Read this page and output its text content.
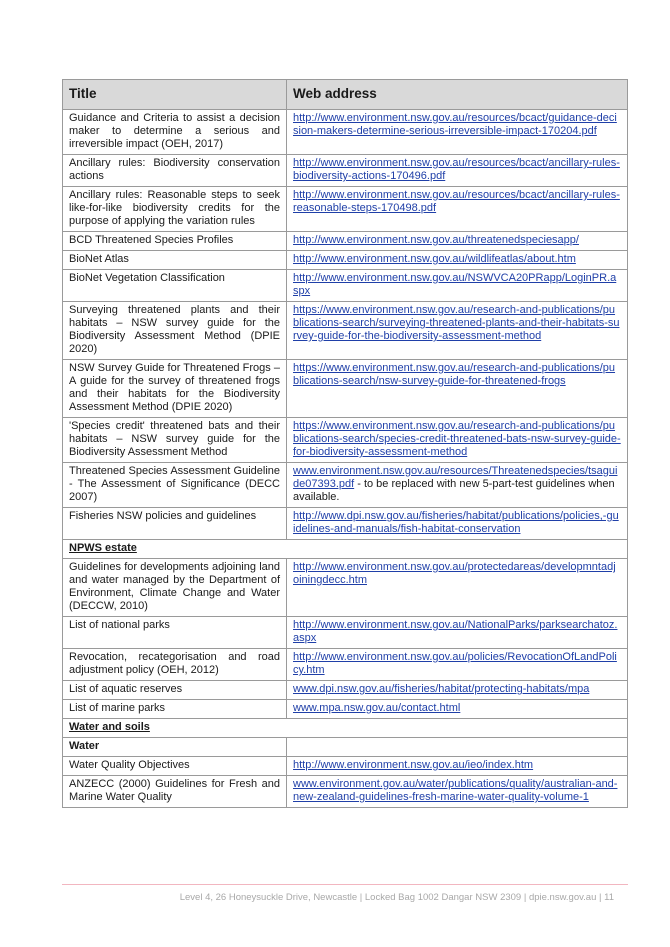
Title	Web address
Guidance and Criteria to assist a decision maker to determine a serious and irreversible impact (OEH, 2017)	http://www.environment.nsw.gov.au/resources/bcact/guidance-decision-makers-determine-serious-irreversible-impact-170204.pdf
Ancillary rules: Biodiversity conservation actions	http://www.environment.nsw.gov.au/resources/bcact/ancillary-rules-biodiversity-actions-170496.pdf
Ancillary rules: Reasonable steps to seek like-for-like biodiversity credits for the purpose of applying the variation rules	http://www.environment.nsw.gov.au/resources/bcact/ancillary-rules-reasonable-steps-170498.pdf
BCD Threatened Species Profiles	http://www.environment.nsw.gov.au/threatenedspeciesapp/
BioNet Atlas	http://www.environment.nsw.gov.au/wildlifeatlas/about.htm
BioNet Vegetation Classification	http://www.environment.nsw.gov.au/NSWVCA20PRapp/LoginPR.aspx
Surveying threatened plants and their habitats – NSW survey guide for the Biodiversity Assessment Method (DPIE 2020)	https://www.environment.nsw.gov.au/research-and-publications/publications-search/surveying-threatened-plants-and-their-habitats-survey-guide-for-the-biodiversity-assessment-method
NSW Survey Guide for Threatened Frogs – A guide for the survey of threatened frogs and their habitats for the Biodiversity Assessment Method (DPIE 2020)	https://www.environment.nsw.gov.au/research-and-publications/publications-search/nsw-survey-guide-for-threatened-frogs
'Species credit' threatened bats and their habitats – NSW survey guide for the Biodiversity Assessment Method	https://www.environment.nsw.gov.au/research-and-publications/publications-search/species-credit-threatened-bats-nsw-survey-guide-for-biodiversity-assessment-method
Threatened Species Assessment Guideline - The Assessment of Significance (DECC 2007)	www.environment.nsw.gov.au/resources/Threatenedspecies/tsaguide07393.pdf - to be replaced with new 5-part-test guidelines when available.
Fisheries NSW policies and guidelines	http://www.dpi.nsw.gov.au/fisheries/habitat/publications/policies,-guidelines-and-manuals/fish-habitat-conservation
NPWS estate	
Guidelines for developments adjoining land and water managed by the Department of Environment, Climate Change and Water (DECCW, 2010)	http://www.environment.nsw.gov.au/protectedareas/developmntadjoiningdecc.htm
List of national parks	http://www.environment.nsw.gov.au/NationalParks/parksearchatoz.aspx
Revocation, recategorisation and road adjustment policy (OEH, 2012)	http://www.environment.nsw.gov.au/policies/RevocationOfLandPolicy.htm
List of aquatic reserves	www.dpi.nsw.gov.au/fisheries/habitat/protecting-habitats/mpa
List of marine parks	www.mpa.nsw.gov.au/contact.html
Water and soils	
Water	
Water Quality Objectives	http://www.environment.nsw.gov.au/ieo/index.htm
ANZECC (2000) Guidelines for Fresh and Marine Water Quality	www.environment.gov.au/water/publications/quality/australian-and-new-zealand-guidelines-fresh-marine-water-quality-volume-1
Level 4, 26 Honeysuckle Drive, Newcastle | Locked Bag 1002 Dangar NSW 2309 | dpie.nsw.gov.au | 11
